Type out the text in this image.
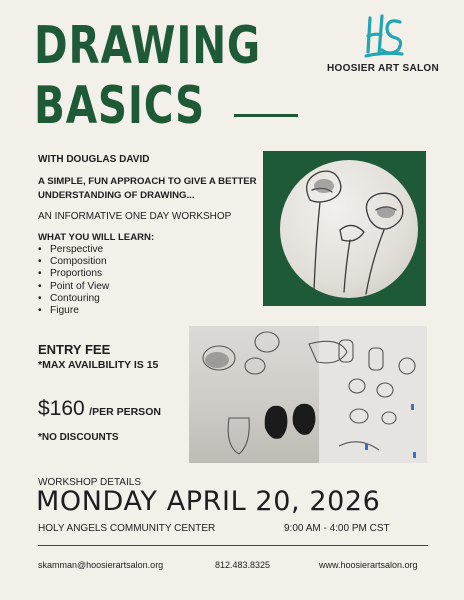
DRAWING
BASICS
HOOSIER ART SALON
WITH DOUGLAS DAVID
A SIMPLE, FUN APPROACH TO GIVE A BETTER UNDERSTANDING OF DRAWING...
AN INFORMATIVE ONE DAY WORKSHOP
WHAT YOU WILL LEARN:
• Perspective
• Composition
• Proportions
• Point of View
• Contouring
• Figure
ENTRY FEE
*MAX AVAILBILITY IS 15
$160 /PER PERSON
*NO DISCOUNTS
WORKSHOP DETAILS
MONDAY APRIL 20, 2026
HOLY ANGELS COMMUNITY CENTER	9:00 AM - 4:00 PM CST
skamman@hoosierartsalon.org	812.483.8325	www.hoosierartsalon.org
